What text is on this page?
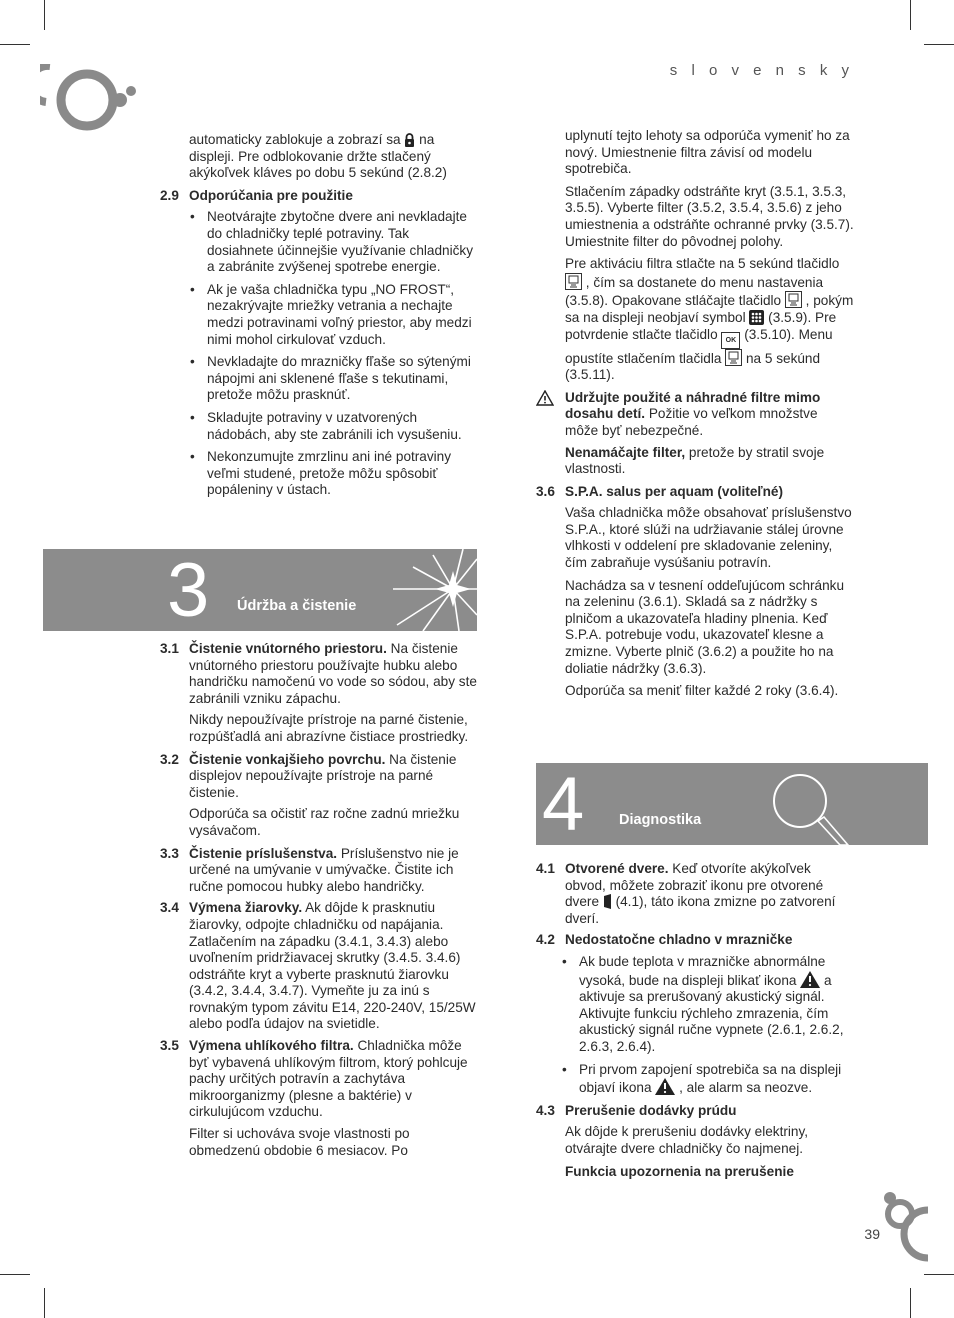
s l o v e n s k y

automaticky zablokuje a zobrazí sa na displeji. Pre odblokovanie držte stlačený akýkoľvek kláves po dobu 5 sekúnd (2.8.2)

2.9 Odporúčania pre použitie
• Neotvárajte zbytočne dvere ani nevkladajte do chladničky teplé potraviny. Tak dosiahnete účinnejšie využívanie chladničky a zabránite zvýšenej spotrebe energie.
• Ak je vaša chladnička typu „NO FROST“, nezakrývajte mriežky vetrania a nechajte medzi potravinami voľný priestor, aby medzi nimi mohol cirkulovať vzduch.
• Nevkladajte do mrazničky fľaše so sýtenými nápojmi ani sklenené fľaše s tekutinami, pretože môžu prasknúť.
• Skladujte potraviny v uzatvorených nádobách, aby ste zabránili ich vysušeniu.
• Nekonzumujte zmrzlinu ani iné potraviny veľmi studené, pretože môžu spôsobiť popáleniny v ústach.
3 Údržba a čistenie
3.1 Čistenie vnútorného priestoru. Na čistenie vnútorného priestoru používajte hubku alebo handričku namočenú vo vode so sódou, aby ste zabránili vzniku zápachu.

Nikdy nepoužívajte prístroje na parné čistenie, rozpúšťadlá ani abrazívne čistiace prostriedky.

3.2 Čistenie vonkajšieho povrchu. Na čistenie displejov nepoužívajte prístroje na parné čistenie.

Odporúča sa očistiť raz ročne zadnú mriežku vysávačom.

3.3 Čistenie príslušenstva. Príslušenstvo nie je určené na umývanie v umývačke. Čistite ich ručne pomocou hubky alebo handričky.
3.4 Výmena žiarovky. Ak dôjde k prasknutiu žiarovky, odpojte chladničku od napájania. Zatlačením na západku (3.4.1, 3.4.3) alebo uvoľnením pridržiavacej skrutky (3.4.5. 3.4.6) odstráňte kryt a vyberte prasknutú žiarovku (3.4.2, 3.4.4, 3.4.7). Vymeňte ju za inú s rovnakým typom závitu E14, 220-240V, 15/25W alebo podľa údajov na svietidle.
3.5 Výmena uhlíkového filtra. Chladnička môže byť vybavená uhlíkovým filtrom, ktorý pohlcuje pachy určitých potravín a zachytáva mikroorganizmy (plesne a baktérie) v cirkulujúcom vzduchu.

Filter si uchováva svoje vlastnosti po obmedzenú obdobie 6 mesiacov. Po

uplynutí tejto lehoty sa odporúča vymeniť ho za nový. Umiestnenie filtra závisí od modelu spotrebiča.

Stlačením západky odstráňte kryt (3.5.1, 3.5.3, 3.5.5). Vyberte filter (3.5.2, 3.5.4, 3.5.6) z jeho umiestnenia a odstráňte ochranné prvky (3.5.7). Umiestnite filter do pôvodnej polohy.

Pre aktiváciu filtra stlačte na 5 sekúnd tlačidlo  , čím sa dostanete do menu nastavenia (3.5.8). Opakovane stláčajte tlačidlo , pokým sa na displeji neobjaví symbol (3.5.9). Pre potvrdenie stlačte tlačidlo OK (3.5.10). Menu opustíte stlačením tlačidla na 5 sekúnd (3.5.11).

Udržujte použité a náhradné filtre mimo dosahu detí. Požitie vo veľkom množstve môže byť nebezpečné.

Nenamáčajte filter, pretože by stratil svoje vlastnosti.

3.6 S.P.A. salus per aquam (voliteľné)

Vaša chladnička môže obsahovať príslušenstvo S.P.A., ktoré slúži na udržiavanie stálej úrovne vlhkosti v oddelení pre skladovanie zeleniny, čím zabraňuje vysúšaniu potravín.

Nachádza sa v tesnení oddeľujúcom schránku na zeleninu (3.6.1). Skladá sa z nádržky s plničom a ukazovateľa hladiny plnenia. Keď S.P.A. potrebuje vodu, ukazovateľ klesne a zmizne. Vyberte plnič (3.6.2) a použite ho na doliatie nádržky (3.6.3).

Odporúča sa meniť filter každé 2 roky (3.6.4).

4 Diagnostika
4.1 Otvorené dvere. Keď otvoríte akýkoľvek obvod, môžete zobraziť ikonu pre otvorené dvere (4.1), táto ikona zmizne po zatvorení dverí.
4.2 Nedostatočne chladno v mrazničke
• Ak bude teplota v mrazničke abnormálne vysoká, bude na displeji blikať ikona a aktivuje sa prerušovaný akustický signál. Aktivujte funkciu rýchleho zmrazenia, čím akustický signál ručne vypnete (2.6.1, 2.6.2, 2.6.3, 2.6.4).
• Pri prvom zapojení spotrebiča sa na displeji objaví ikona , ale alarm sa neozve.
4.3 Prerušenie dodávky prúdu

Ak dôjde k prerušeniu dodávky elektriny, otvárajte dvere chladničky čo najmenej.

Funkcia upozornenia na prerušenie

39
